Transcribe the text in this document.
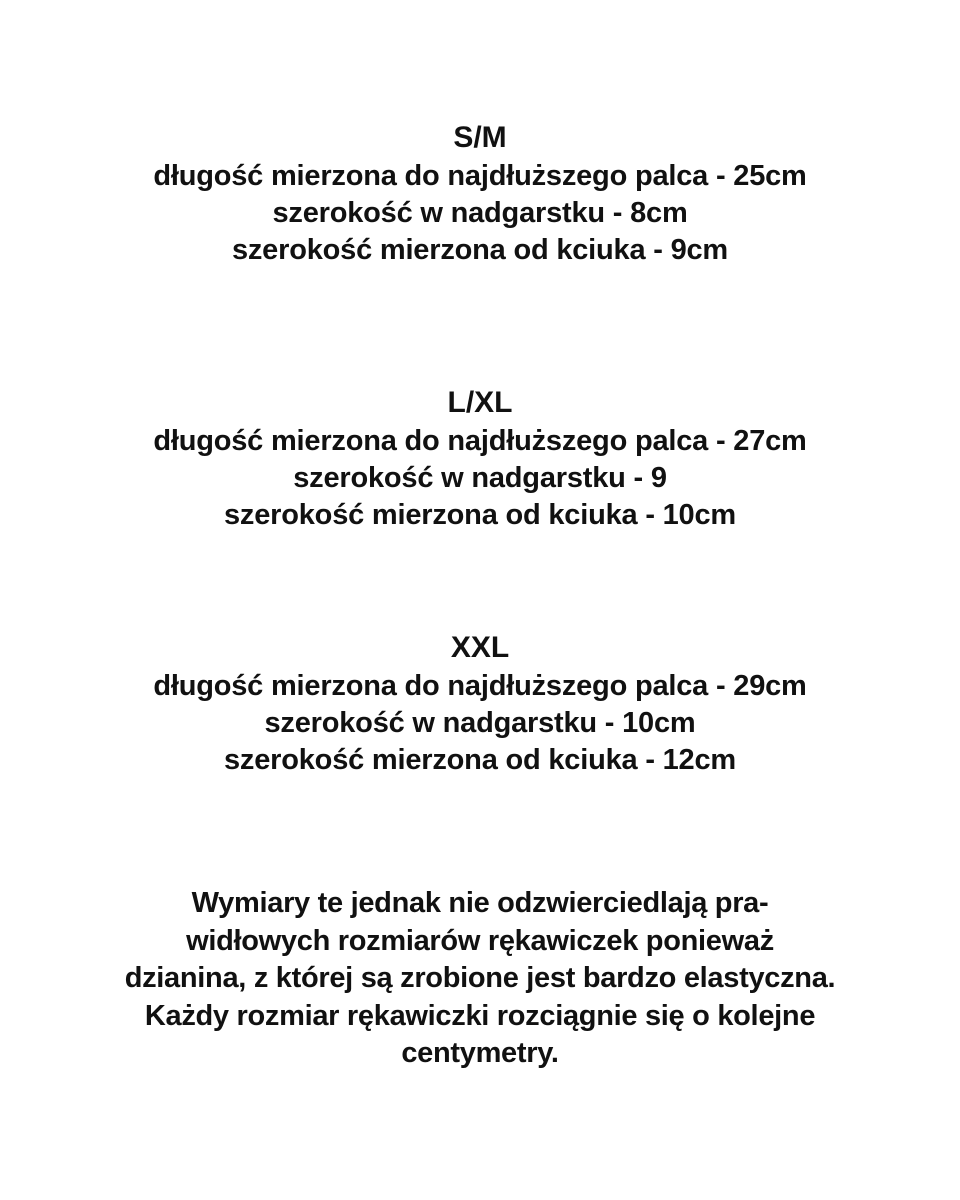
S/M
długość mierzona do najdłuższego palca - 25cm
szerokość w nadgarstku - 8cm
szerokość mierzona od kciuka - 9cm
L/XL
długość mierzona do najdłuższego palca - 27cm
szerokość w nadgarstku - 9
szerokość mierzona od kciuka - 10cm
XXL
długość mierzona do najdłuższego palca - 29cm
szerokość w nadgarstku - 10cm
szerokość mierzona od kciuka - 12cm
Wymiary te jednak nie odzwierciedlają pra-
widłowych rozmiarów rękawiczek ponieważ
dzianina, z której są zrobione jest bardzo elastyczna.
Każdy rozmiar rękawiczki rozciągnie się o kolejne
centymetry.
